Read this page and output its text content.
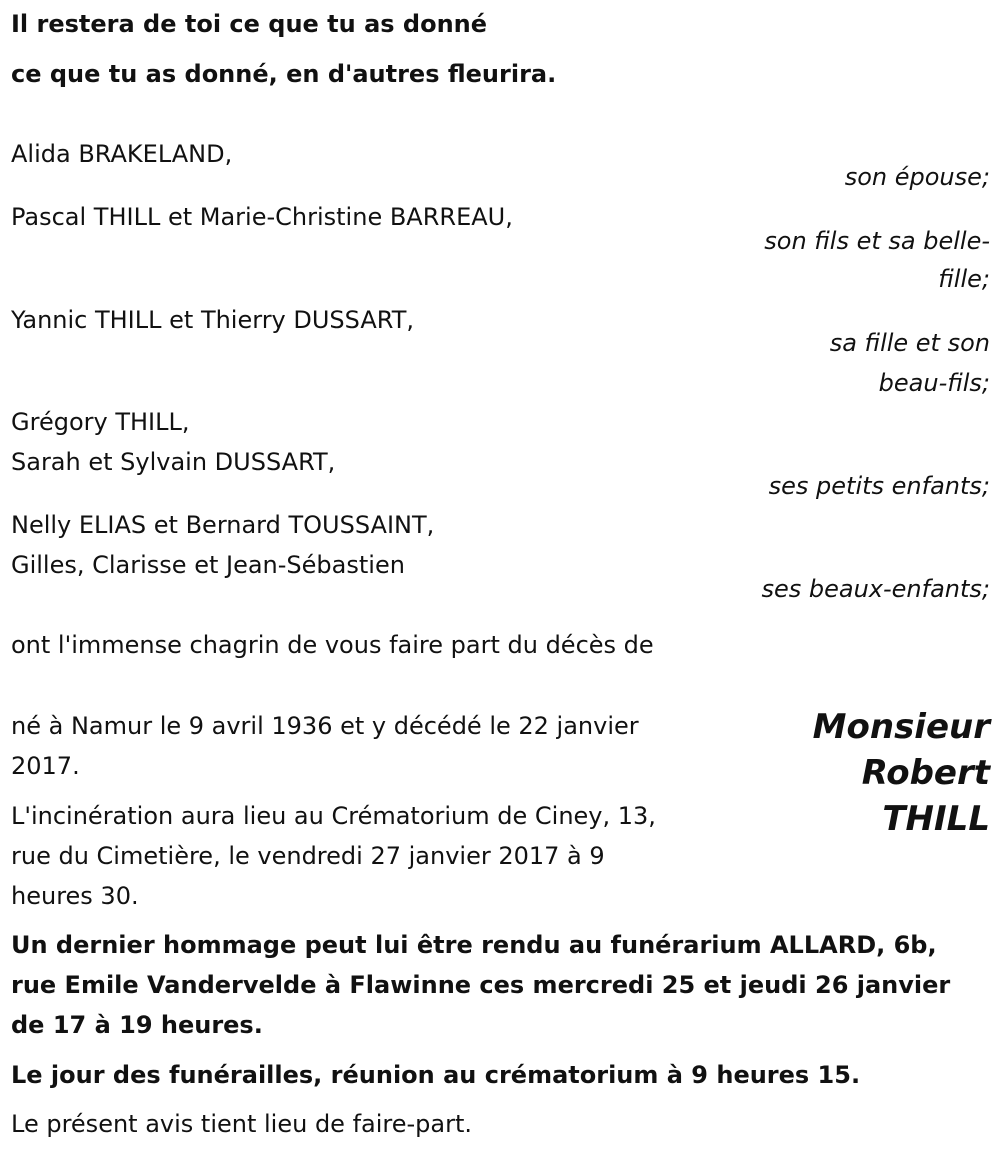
Il restera de toi ce que tu as donné
ce que tu as donné, en d'autres fleurira.
Alida BRAKELAND,
son épouse;
Pascal THILL et Marie-Christine BARREAU,
son fils et sa belle-
fille;
Yannic THILL et Thierry DUSSART,
sa fille et son
beau-fils;
Grégory THILL,
Sarah et Sylvain DUSSART,
ses petits enfants;
Nelly ELIAS et Bernard TOUSSAINT,
Gilles, Clarisse et Jean-Sébastien
ses beaux-enfants;
ont l'immense chagrin de vous faire part du décès de
Monsieur
Robert
THILL
né à Namur le 9 avril 1936 et y décédé le 22 janvier
2017.
L'incinération aura lieu au Crématorium de Ciney, 13,
rue du Cimetière, le vendredi 27 janvier 2017 à 9
heures 30.
Un dernier hommage peut lui être rendu au funérarium ALLARD, 6b,
rue Emile Vandervelde à Flawinne ces mercredi 25 et jeudi 26 janvier
de 17 à 19 heures.
Le jour des funérailles, réunion au crématorium à 9 heures 15.
Le présent avis tient lieu de faire-part.
